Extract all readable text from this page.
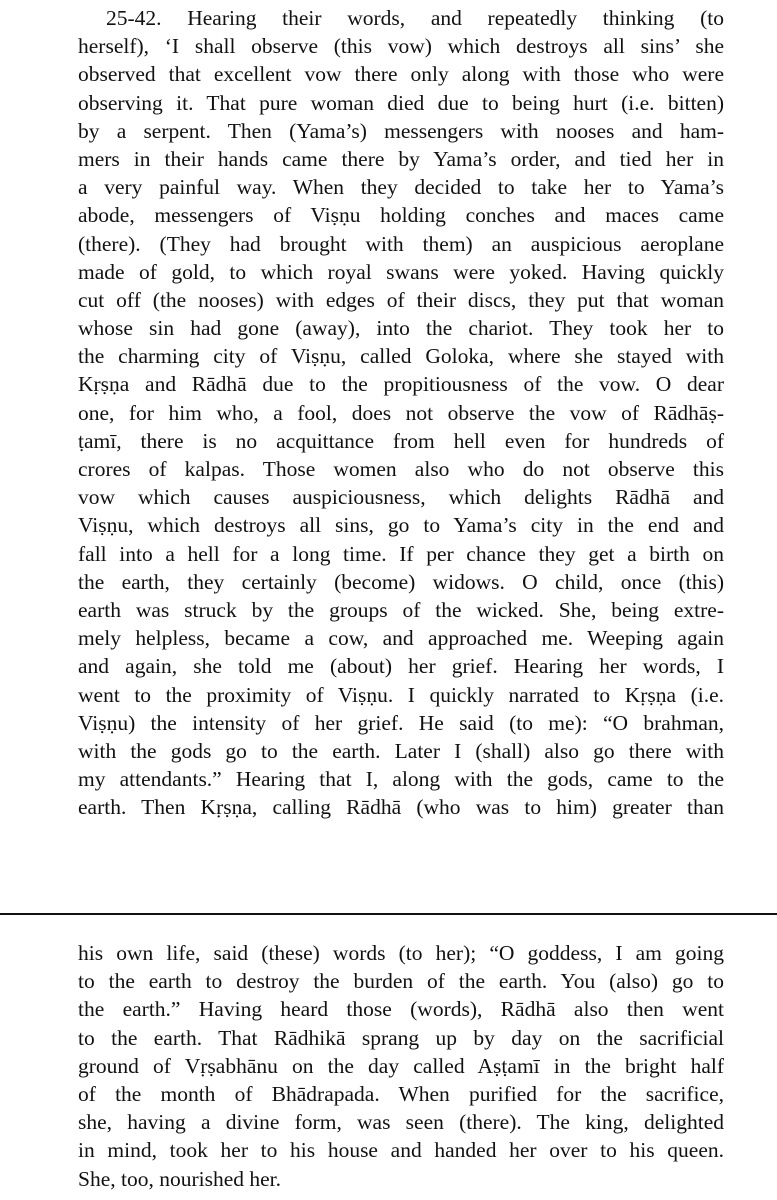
25-42. Hearing their words, and repeatedly thinking (to
herself), ‘I shall observe (this vow) which destroys all sins’ she
observed that excellent vow there only along with those who were
observing it. That pure woman died due to being hurt (i.e. bitten)
by a serpent. Then (Yama’s) messengers with nooses and ham-
mers in their hands came there by Yama’s order, and tied her in
a very painful way. When they decided to take her to Yama’s
abode, messengers of Viṣṇu holding conches and maces came
(there). (They had brought with them) an auspicious aeroplane
made of gold, to which royal swans were yoked. Having quickly
cut off (the nooses) with edges of their discs, they put that woman
whose sin had gone (away), into the chariot. They took her to
the charming city of Viṣṇu, called Goloka, where she stayed with
Kṛṣṇa and Rādhā due to the propitiousness of the vow. O dear
one, for him who, a fool, does not observe the vow of Rādhāṣ-
ṭamī, there is no acquittance from hell even for hundreds of
crores of kalpas. Those women also who do not observe this
vow which causes auspiciousness, which delights Rādhā and
Viṣṇu, which destroys all sins, go to Yama’s city in the end and
fall into a hell for a long time. If per chance they get a birth on
the earth, they certainly (become) widows. O child, once (this)
earth was struck by the groups of the wicked. She, being extre-
mely helpless, became a cow, and approached me. Weeping again
and again, she told me (about) her grief. Hearing her words, I
went to the proximity of Viṣṇu. I quickly narrated to Kṛṣṇa (i.e.
Viṣṇu) the intensity of her grief. He said (to me): “O brahman,
with the gods go to the earth. Later I (shall) also go there with
my attendants.” Hearing that I, along with the gods, came to the
earth. Then Kṛṣṇa, calling Rādhā (who was to him) greater than
his own life, said (these) words (to her); “O goddess, I am going
to the earth to destroy the burden of the earth. You (also) go to
the earth.” Having heard those (words), Rādhā also then went
to the earth. That Rādhikā sprang up by day on the sacrificial
ground of Vṛṣabhānu on the day called Aṣṭamī in the bright half
of the month of Bhādrapada. When purified for the sacrifice,
she, having a divine form, was seen (there). The king, delighted
in mind, took her to his house and handed her over to his queen.
She, too, nourished her.
